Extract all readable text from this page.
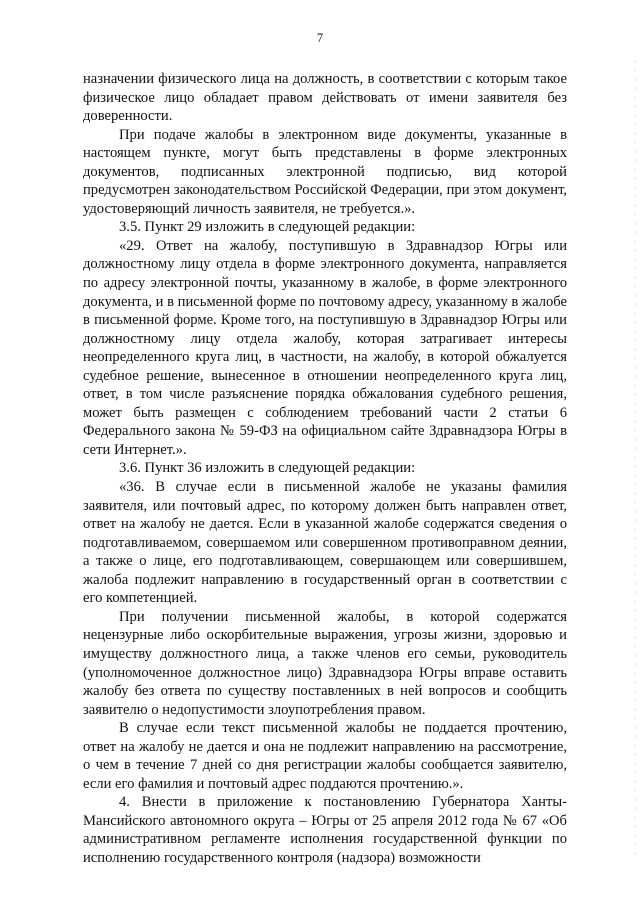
7

назначении физического лица на должность, в соответствии с которым такое физическое лицо обладает правом действовать от имени заявителя без доверенности.

При подаче жалобы в электронном виде документы, указанные в настоящем пункте, могут быть представлены в форме электронных документов, подписанных электронной подписью, вид которой предусмотрен законодательством Российской Федерации, при этом документ, удостоверяющий личность заявителя, не требуется.».

3.5. Пункт 29 изложить в следующей редакции:

«29. Ответ на жалобу, поступившую в Здравнадзор Югры или должностному лицу отдела в форме электронного документа, направляется по адресу электронной почты, указанному в жалобе, в форме электронного документа, и в письменной форме по почтовому адресу, указанному в жалобе в письменной форме. Кроме того, на поступившую в Здравнадзор Югры или должностному лицу отдела жалобу, которая затрагивает интересы неопределенного круга лиц, в частности, на жалобу, в которой обжалуется судебное решение, вынесенное в отношении неопределенного круга лиц, ответ, в том числе разъяснение порядка обжалования судебного решения, может быть размещен с соблюдением требований части 2 статьи 6 Федерального закона № 59-ФЗ на официальном сайте Здравнадзора Югры в сети Интернет.».

3.6. Пункт 36 изложить в следующей редакции:

«36. В случае если в письменной жалобе не указаны фамилия заявителя, или почтовый адрес, по которому должен быть направлен ответ, ответ на жалобу не дается. Если в указанной жалобе содержатся сведения о подготавливаемом, совершаемом или совершенном противоправном деянии, а также о лице, его подготавливающем, совершающем или совершившем, жалоба подлежит направлению в государственный орган в соответствии с его компетенцией.

При получении письменной жалобы, в которой содержатся нецензурные либо оскорбительные выражения, угрозы жизни, здоровью и имуществу должностного лица, а также членов его семьи, руководитель (уполномоченное должностное лицо) Здравнадзора Югры вправе оставить жалобу без ответа по существу поставленных в ней вопросов и сообщить заявителю о недопустимости злоупотребления правом.

В случае если текст письменной жалобы не поддается прочтению, ответ на жалобу не дается и она не подлежит направлению на рассмотрение, о чем в течение 7 дней со дня регистрации жалобы сообщается заявителю, если его фамилия и почтовый адрес поддаются прочтению.».

4. Внести в приложение к постановлению Губернатора Ханты-Мансийского автономного округа – Югры от 25 апреля 2012 года № 67 «Об административном регламенте исполнения государственной функции по исполнению государственного контроля (надзора) возможности
